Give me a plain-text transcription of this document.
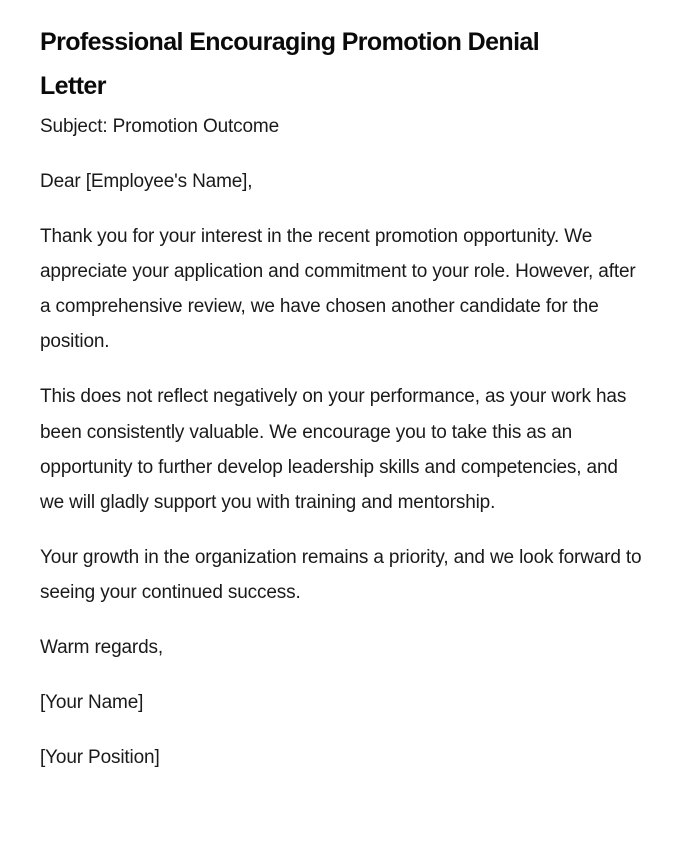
Professional Encouraging Promotion Denial Letter

Subject: Promotion Outcome

Dear [Employee's Name],

Thank you for your interest in the recent promotion opportunity. We appreciate your application and commitment to your role. However, after a comprehensive review, we have chosen another candidate for the position.

This does not reflect negatively on your performance, as your work has been consistently valuable. We encourage you to take this as an opportunity to further develop leadership skills and competencies, and we will gladly support you with training and mentorship.

Your growth in the organization remains a priority, and we look forward to seeing your continued success.

Warm regards,

[Your Name]

[Your Position]
